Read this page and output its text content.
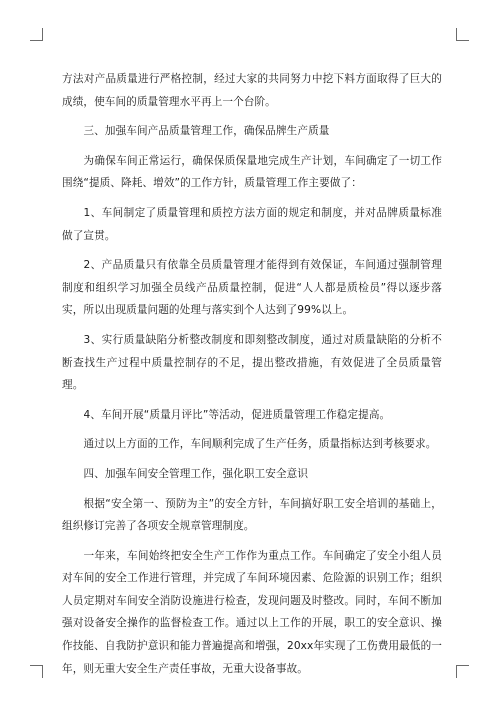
方法对产品质量进行严格控制，经过大家的共同努力中挖下料方面取得了巨大的成绩，使车间的质量管理水平再上一个台阶。

三、加强车间产品质量管理工作，确保品牌生产质量

为确保车间正常运行，确保保质保量地完成生产计划，车间确定了一切工作围绕“提质、降耗、增效”的工作方针，质量管理工作主要做了：

1、车间制定了质量管理和质控方法方面的规定和制度，并对品牌质量标准做了宣贯。

2、产品质量只有依靠全员质量管理才能得到有效保证，车间通过强制管理制度和组织学习加强全员线产品质量控制，促进“人人都是质检员”得以逐步落实，所以出现质量问题的处理与落实到个人达到了99%以上。

3、实行质量缺陷分析整改制度和即刻整改制度，通过对质量缺陷的分析不断查找生产过程中质量控制存的不足，提出整改措施，有效促进了全员质量管理。

4、车间开展“质量月评比”等活动，促进质量管理工作稳定提高。

通过以上方面的工作，车间顺利完成了生产任务，质量指标达到考核要求。

四、加强车间安全管理工作，强化职工安全意识

根据“安全第一、预防为主”的安全方针，车间搞好职工安全培训的基础上，组织修订完善了各项安全规章管理制度。

一年来，车间始终把安全生产工作作为重点工作。车间确定了安全小组人员对车间的安全工作进行管理，并完成了车间环境因素、危险源的识别工作；组织人员定期对车间安全消防设施进行检查，发现问题及时整改。同时，车间不断加强对设备安全操作的监督检查工作。通过以上工作的开展，职工的安全意识、操作技能、自我防护意识和能力普遍提高和增强，20xx年实现了工伤费用最低的一年，则无重大安全生产责任事故，无重大设备事故。
